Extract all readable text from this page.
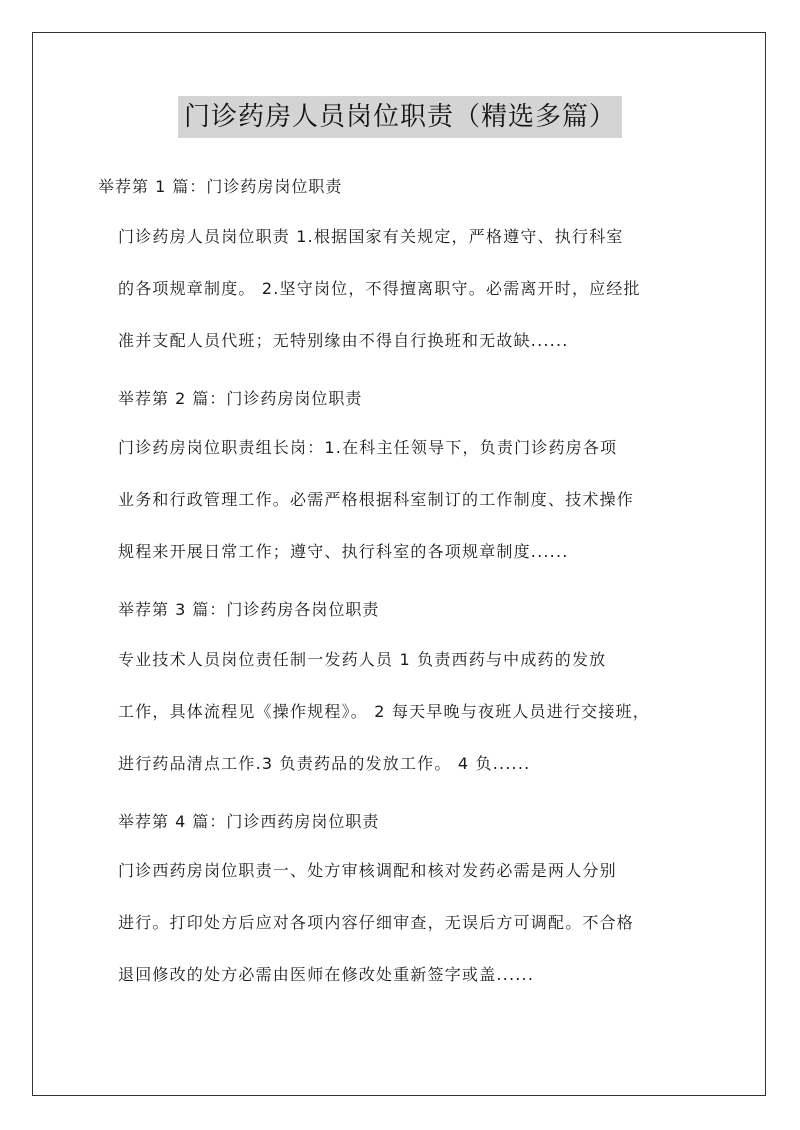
门诊药房人员岗位职责（精选多篇）
举荐第 1 篇：门诊药房岗位职责
门诊药房人员岗位职责 1.根据国家有关规定，严格遵守、执行科室
的各项规章制度。 2.坚守岗位，不得擅离职守。必需离开时，应经批
准并支配人员代班；无特别缘由不得自行换班和无故缺......
举荐第 2 篇：门诊药房岗位职责
门诊药房岗位职责组长岗：1.在科主任领导下，负责门诊药房各项
业务和行政管理工作。必需严格根据科室制订的工作制度、技术操作
规程来开展日常工作；遵守、执行科室的各项规章制度......
举荐第 3 篇：门诊药房各岗位职责
专业技术人员岗位责任制一发药人员 1 负责西药与中成药的发放
工作，具体流程见《操作规程》。 2 每天早晚与夜班人员进行交接班，
进行药品清点工作.3 负责药品的发放工作。 4 负......
举荐第 4 篇：门诊西药房岗位职责
门诊西药房岗位职责一、处方审核调配和核对发药必需是两人分别
进行。打印处方后应对各项内容仔细审查，无误后方可调配。不合格
退回修改的处方必需由医师在修改处重新签字或盖......
